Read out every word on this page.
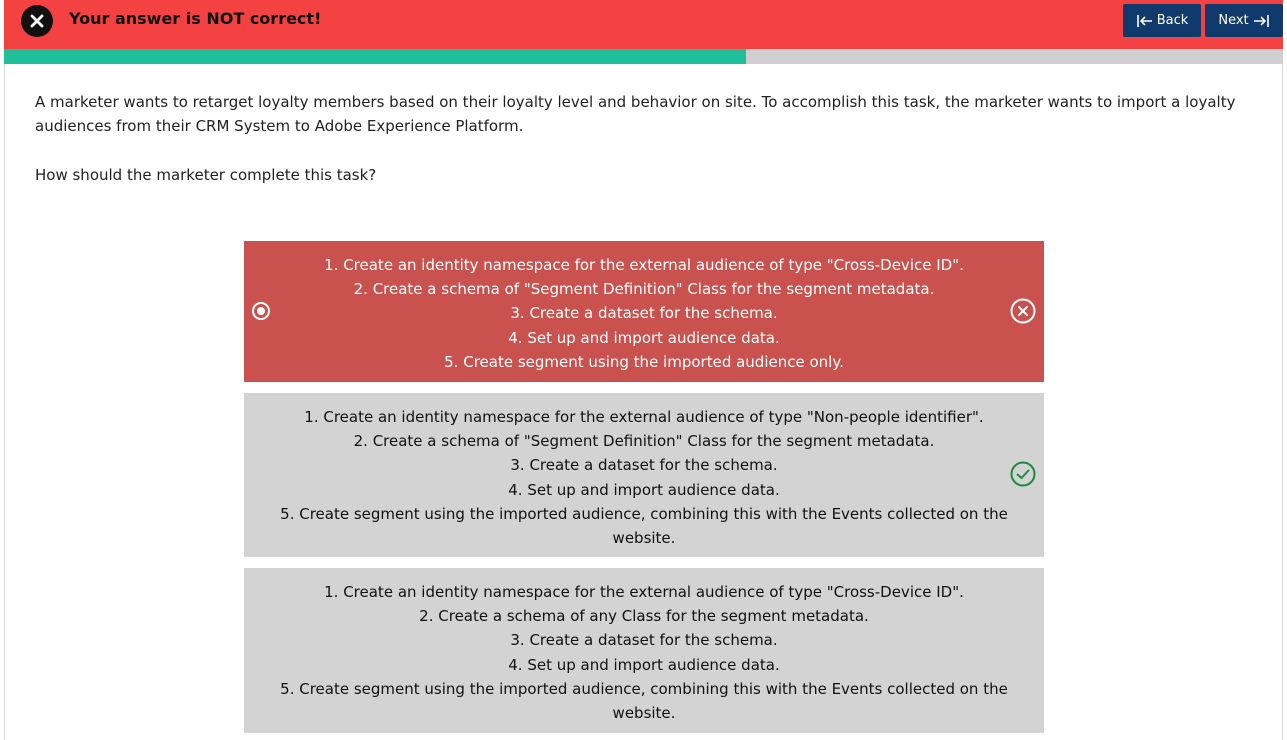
Your answer is NOT correct!	Back Next
A marketer wants to retarget loyalty members based on their loyalty level and behavior on site. To accomplish this task, the marketer wants to import a loyalty audiences from their CRM System to Adobe Experience Platform.
How should the marketer complete this task?
1. Create an identity namespace for the external audience of type "Cross-Device ID".
2. Create a schema of "Segment Definition" Class for the segment metadata.
3. Create a dataset for the schema.
4. Set up and import audience data.
5. Create segment using the imported audience only.
1. Create an identity namespace for the external audience of type "Non-people identifier".
2. Create a schema of "Segment Definition" Class for the segment metadata.
3. Create a dataset for the schema.
4. Set up and import audience data.
5. Create segment using the imported audience, combining this with the Events collected on the website.
1. Create an identity namespace for the external audience of type "Cross-Device ID".
2. Create a schema of any Class for the segment metadata.
3. Create a dataset for the schema.
4. Set up and import audience data.
5. Create segment using the imported audience, combining this with the Events collected on the website.
